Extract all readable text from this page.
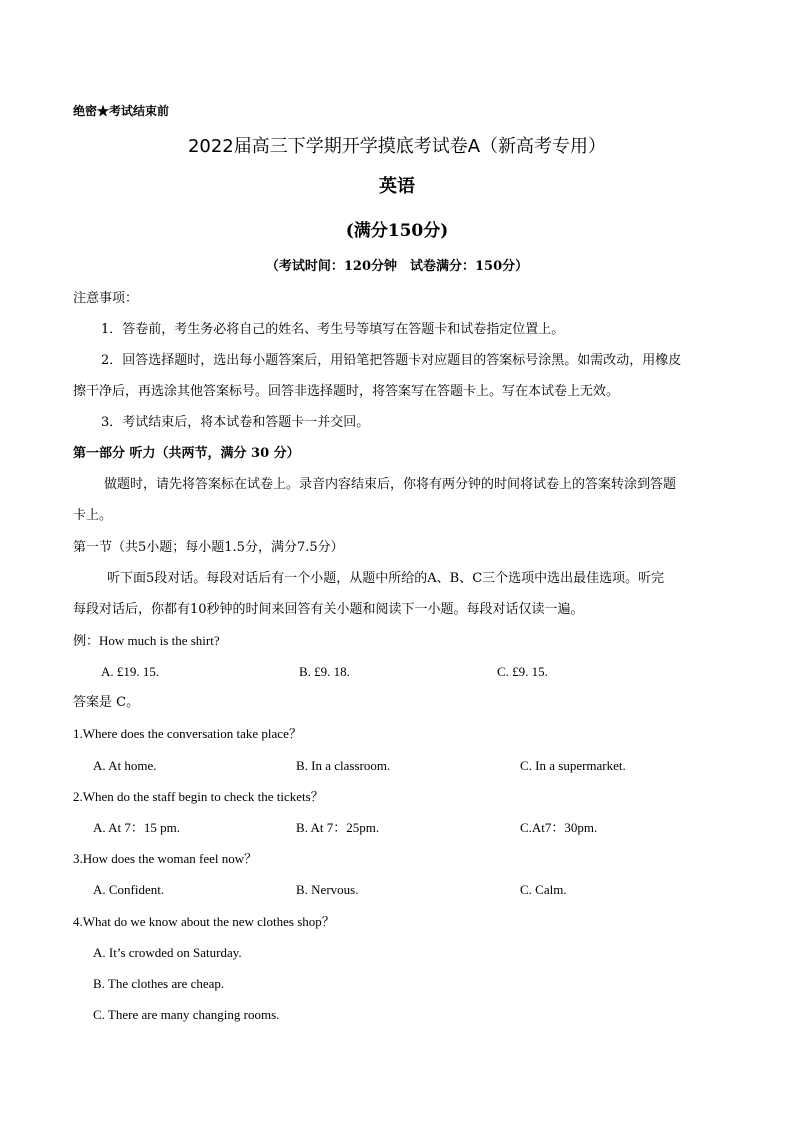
绝密★考试结束前
2022届高三下学期开学摸底考试卷A（新高考专用）
英语
(满分150分)
（考试时间：120分钟　试卷满分：150分）
注意事项：
1．答卷前，考生务必将自己的姓名、考生号等填写在答题卡和试卷指定位置上。
2．回答选择题时，选出每小题答案后，用铅笔把答题卡对应题目的答案标号涂黑。如需改动，用橡皮
擦干净后，再选涂其他答案标号。回答非选择题时，将答案写在答题卡上。写在本试卷上无效。
3．考试结束后，将本试卷和答题卡一并交回。
第一部分 听力（共两节，满分 30 分）
做题时，请先将答案标在试卷上。录音内容结束后，你将有两分钟的时间将试卷上的答案转涂到答题
卡上。
第一节（共5小题；每小题1.5分，满分7.5分）
听下面5段对话。每段对话后有一个小题，从题中所给的A、B、C三个选项中选出最佳选项。听完
每段对话后，你都有10秒钟的时间来回答有关小题和阅读下一小题。每段对话仅读一遍。
例：How much is the shirt?
A. £19. 15.	B. £9. 18.	C. £9. 15.
答案是 C。
1.Where does the conversation take place？
A. At home.	B. In a classroom.	C. In a supermarket.
2.When do the staff begin to check the tickets？
A. At 7：15 pm.	B. At 7：25pm.	C.At7：30pm.
3.How does the woman feel now？
A. Confident.	B. Nervous.	C. Calm.
4.What do we know about the new clothes shop？
A. It’s crowded on Saturday.
B. The clothes are cheap.
C. There are many changing rooms.
